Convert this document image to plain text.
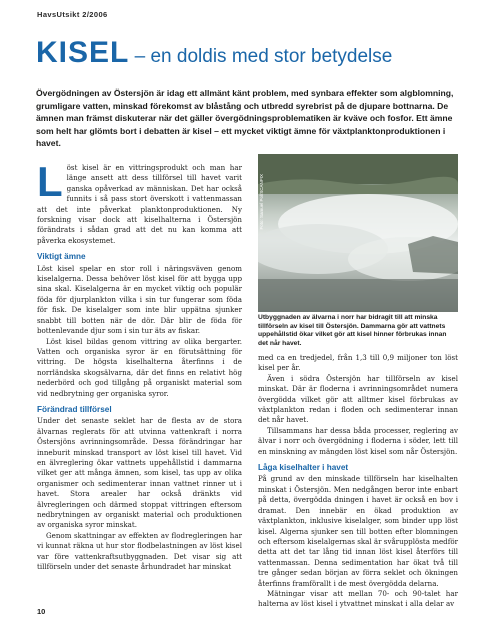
HavsUtsikt 2/2006
KISEL – en doldis med stor betydelse
Övergödningen av Östersjön är idag ett allmänt känt problem, med synbara effekter som algblomning, grumligare vatten, minskad förekomst av blåstång och utbredd syrebrist på de djupare bottnarna. De ämnen man främst diskuterar när det gäller övergödningsproblematiken är kväve och fosfor. Ett ämne som helt har glömts bort i debatten är kisel – ett mycket viktigt ämne för växtplanktonproduktionen i havet.

Löst kisel är en vittringsprodukt och man har länge ansett att dess tillförsel till havet varit ganska opåverkad av människan. Det har också funnits i så pass stort överskott i vattenmassan att det inte påverkat planktonproduktionen. Ny forskning visar dock att kiselhalterna i Östersjön förändrats i sådan grad att det nu kan komma att påverka ekosystemet.

Viktigt ämne

Löst kisel spelar en stor roll i näringsväven genom kiselalgerna. Dessa behöver löst kisel för att bygga upp sina skal. Kiselalgerna är en mycket viktig och populär föda för djurplankton vilka i sin tur fungerar som föda för fisk. De kiselalger som inte blir uppätna sjunker snabbt till botten när de dör. Där blir de föda för bottenlevande djur som i sin tur äts av fiskar.

Löst kisel bildas genom vittring av olika bergarter. Vatten och organiska syror är en förutsättning för vittring. De högsta kiselhalterna återfinns i de norrländska skogsälvarna, där det finns en relativt hög nederbörd och god tillgång på organiskt material som vid nedbrytning ger organiska syror.

Förändrad tillförsel

Under det senaste seklet har de flesta av de stora älvarnas reglerats för att utvinna vattenkraft i norra Östersjöns avrinningsområde. Dessa förändringar har inneburit minskad transport av löst kisel till havet. Vid en älvreglering ökar vattnets uppehållstid i dammarna vilket ger att många ämnen, som kisel, tas upp av olika organismer och sedimenterar innan vattnet rinner ut i havet. Stora arealer har också dränkts vid älvregleringen och därmed stoppat vittringen eftersom nedbrytningen av organiskt material och produktionen av organiska syror minskat.

Genom skattningar av effekten av flodregleringen har vi kunnat räkna ut hur stor flodbelastningen av löst kisel var före vattenkraftsutbyggnaden. Det visar sig att tillförseln under det senaste århundradet har minskat

Foto: Samuel Pol/SCANPIX
Utbyggnaden av älvarna i norr har bidragit till att minska tillförseln av kisel till Östersjön. Dammarna gör att vattnets uppehållstid ökar vilket gör att kisel hinner förbrukas innan det når havet.

med ca en tredjedel, från 1,3 till 0,9 miljoner ton löst kisel per år.

Även i södra Östersjön har tillförseln av kisel minskat. Där är floderna i avrinningsområdet numera övergödda vilket gör att alltmer kisel förbrukas av växtplankton redan i floden och sedimenterar innan det når havet.

Tillsammans har dessa båda processer, reglering av älvar i norr och övergödning i floderna i söder, lett till en minskning av mängden löst kisel som når Östersjön.

Låga kiselhalter i havet

På grund av den minskade tillförseln har kiselhalten minskat i Östersjön. Men nedgången beror inte enbart på detta, övergödda dningen i havet är också en bov i dramat. Den innebär en ökad produktion av växtplankton, inklusive kiselalger, som binder upp löst kisel. Algerna sjunker sen till botten efter blomningen och eftersom kiselalgernas skal är svårupplösta medför detta att det tar lång tid innan löst kisel återförs till vattenmassan. Denna sedimentation har ökat två till tre gånger sedan början av förra seklet och ökningen återfinns framförallt i de mest övergödda delarna.

Mätningar visar att mellan 70- och 90-talet har halterna av löst kisel i ytvattnet minskat i alla delar av

10
